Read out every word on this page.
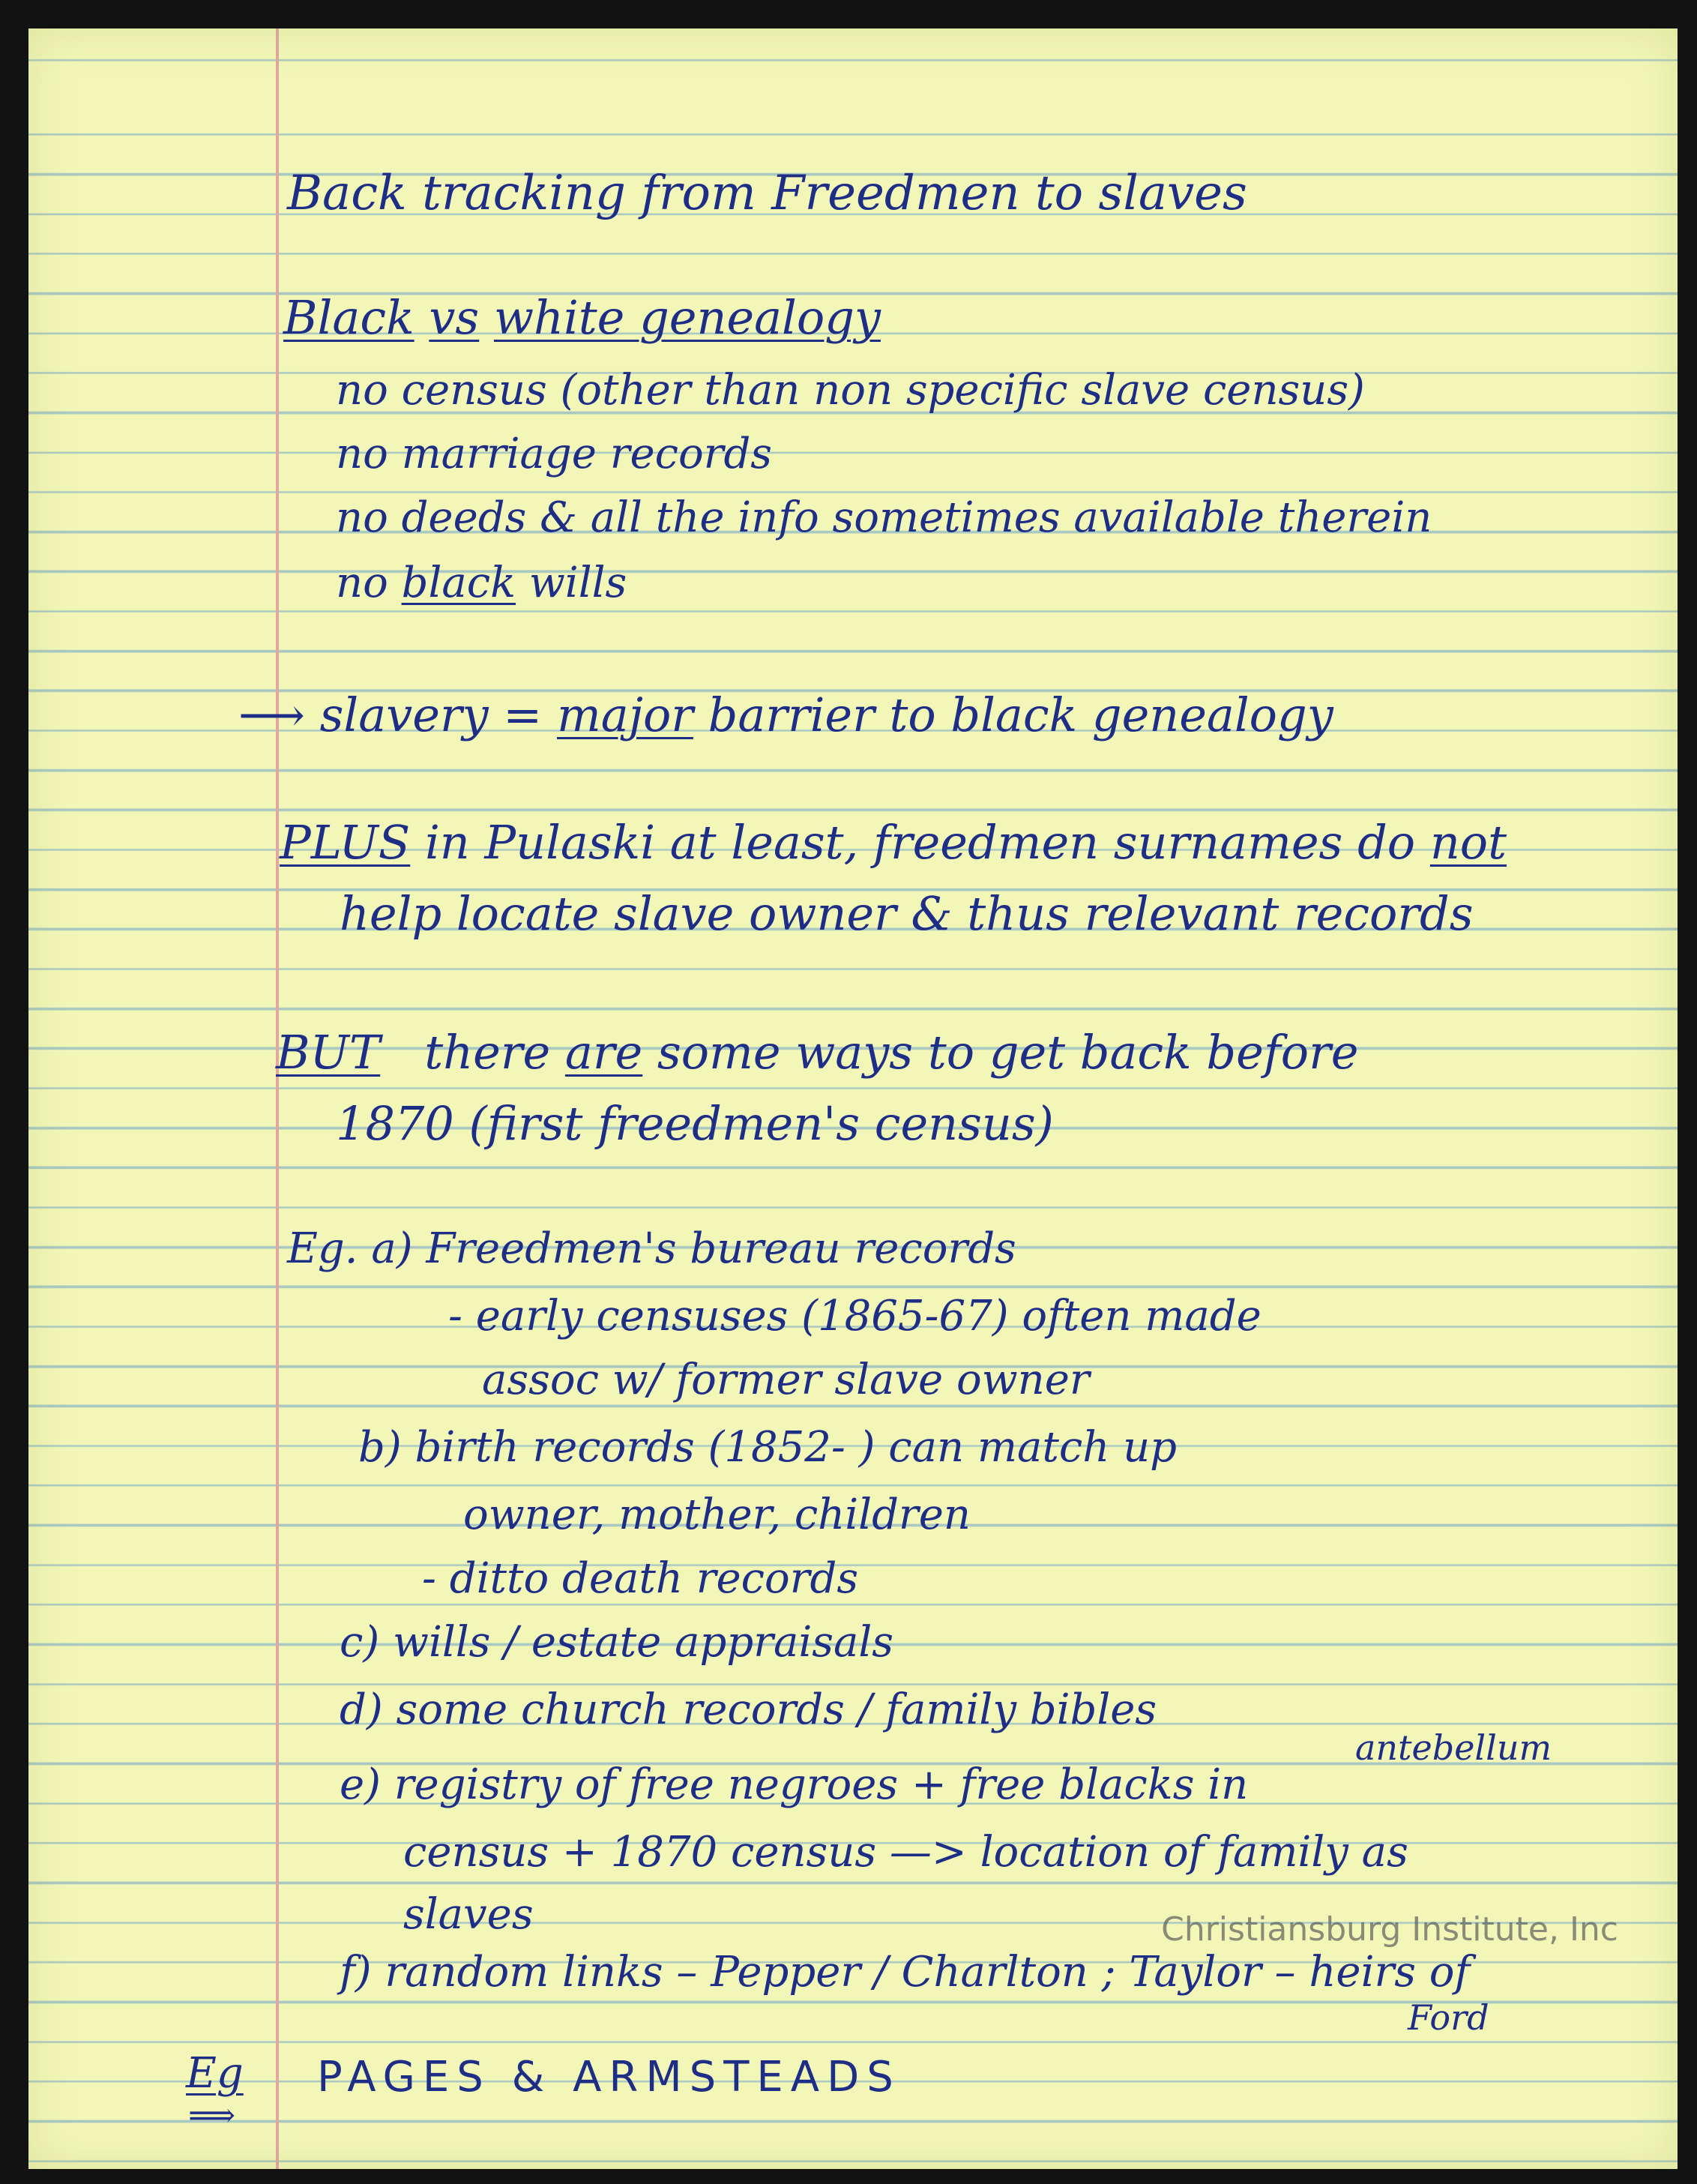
Back tracking from Freedmen to slaves
Black vs white genealogy
no census (other than non specific slave census)
no marriage records
no deeds & all the info sometimes available therein
no black wills
⟶ slavery = major barrier to black genealogy
PLUS in Pulaski at least, freedmen surnames do not
help locate slave owner & thus relevant records
BUT there are some ways to get back before
1870 (first freedmen's census)
Eg. a) Freedmen's bureau records
- early censuses (1865-67) often made
assoc w/ former slave owner
b) birth records (1852- ) can match up
owner, mother, children
- ditto death records
c) wills / estate appraisals
d) some church records / family bibles
antebellum
e) registry of free negroes + free blacks in
census + 1870 census —> location of family as
slaves
f) random links – Pepper / Charlton ; Taylor – heirs of
Ford
Eg
⟹
PAGES & ARMSTEADS
Christiansburg Institute, Inc
